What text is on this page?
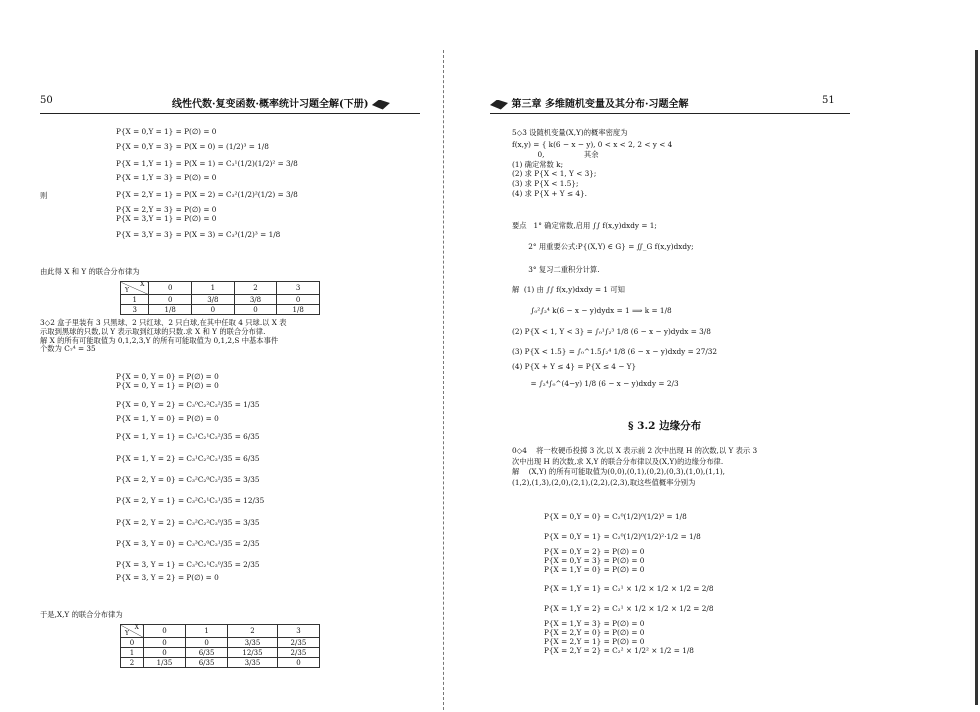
50	线性代数·复变函数·概率统计习题全解(下册)
P{X = 0,Y = 1} = P(∅) = 0
P{X = 0,Y = 3} = P(X = 0) = (1/2)³ = 1/8
P{X = 1,Y = 1} = P(X = 1) = C₃¹(1/2)(1/2)² = 3/8
P{X = 1,Y = 3} = P(∅) = 0
P{X = 2,Y = 1} = P(X = 2) = C₃²(1/2)²(1/2) = 3/8
P{X = 2,Y = 3} = P(∅) = 0
P{X = 3,Y = 1} = P(∅) = 0
P{X = 3,Y = 3} = P(X = 3) = C₃³(1/2)³ = 1/8
则
由此得 X 和 Y 的联合分布律为
X

Y	0	1	2	3
1	0	3/8	3/8	0
3	1/8	0	0	1/8
3◇2 盒子里装有 3 只黑球、2 只红球、2 只白球,在其中任取 4 只球.以 X 表
示取到黑球的只数,以 Y 表示取到红球的只数.求 X 和 Y 的联合分布律.
解 X 的所有可能取值为 0,1,2,3,Y 的所有可能取值为 0,1,2,S 中基本事件
个数为 C₇⁴ = 35
P{X = 0, Y = 0} = P(∅) = 0
P{X = 0, Y = 1} = P(∅) = 0
P{X = 0, Y = 2} = C₃⁰C₂²C₂²/35 = 1/35
P{X = 1, Y = 0} = P(∅) = 0
P{X = 1, Y = 1} = C₃¹C₂¹C₂²/35 = 6/35
P{X = 1, Y = 2} = C₃¹C₂²C₂¹/35 = 6/35
P{X = 2, Y = 0} = C₃²C₂⁰C₂²/35 = 3/35
P{X = 2, Y = 1} = C₃²C₂¹C₂¹/35 = 12/35
P{X = 2, Y = 2} = C₃²C₂²C₂⁰/35 = 3/35
P{X = 3, Y = 0} = C₃³C₂⁰C₂¹/35 = 2/35
P{X = 3, Y = 1} = C₃³C₂¹C₂⁰/35 = 2/35
P{X = 3, Y = 2} = P(∅) = 0
于是,X,Y 的联合分布律为
X

Y	0	1	2	3
0	0	0	3/35	2/35
1	0	6/35	12/35	2/35
2	1/35	6/35	3/35	0
第三章 多维随机变量及其分布·习题全解	51
5◇3 设随机变量(X,Y)的概率密度为
f(x,y) = { k(6 − x − y), 0 < x < 2, 2 < y < 4
0,                 其余
(1) 确定常数 k;
(2) 求 P{X < 1, Y < 3};
(3) 求 P{X < 1.5};
(4) 求 P{X + Y ≤ 4}.
要点   1° 确定常数,启用 ∫∫ f(x,y)dxdy = 1;
2° 用重要公式:P{(X,Y) ∈ G} = ∬_G f(x,y)dxdy;
3° 复习二重积分计算.
解  (1) 由 ∫∫ f(x,y)dxdy = 1 可知
∫₀²∫₂⁴ k(6 − x − y)dydx = 1 ⟹ k = 1/8
(2) P{X < 1, Y < 3} = ∫₀¹∫₂³ 1/8 (6 − x − y)dydx = 3/8
(3) P{X < 1.5} = ∫₀^1.5∫₂⁴ 1/8 (6 − x − y)dxdy = 27/32
(4) P{X + Y ≤ 4} = P{X ≤ 4 − Y}
= ∫₂⁴∫₀^(4−y) 1/8 (6 − x − y)dxdy = 2/3
§ 3.2 边缘分布
0◇4    将一枚硬币投掷 3 次,以 X 表示前 2 次中出现 H 的次数,以 Y 表示 3
次中出现 H 的次数,求 X,Y 的联合分布律以及(X,Y)的边缘分布律.
解    (X,Y) 的所有可能取值为(0,0),(0,1),(0,2),(0,3),(1,0),(1,1),
(1,2),(1,3),(2,0),(2,1),(2,2),(2,3),取这些值概率分别为
P{X = 0,Y = 0} = C₂⁰(1/2)⁰(1/2)³ = 1/8
P{X = 0,Y = 1} = C₂⁰(1/2)⁰(1/2)²·1/2 = 1/8
P{X = 0,Y = 2} = P(∅) = 0
P{X = 0,Y = 3} = P(∅) = 0
P{X = 1,Y = 0} = P(∅) = 0
P{X = 1,Y = 1} = C₂¹ × 1/2 × 1/2 × 1/2 = 2/8
P{X = 1,Y = 2} = C₂¹ × 1/2 × 1/2 × 1/2 = 2/8
P{X = 1,Y = 3} = P(∅) = 0
P{X = 2,Y = 0} = P(∅) = 0
P{X = 2,Y = 1} = P(∅) = 0
P{X = 2,Y = 2} = C₂² × 1/2² × 1/2 = 1/8
